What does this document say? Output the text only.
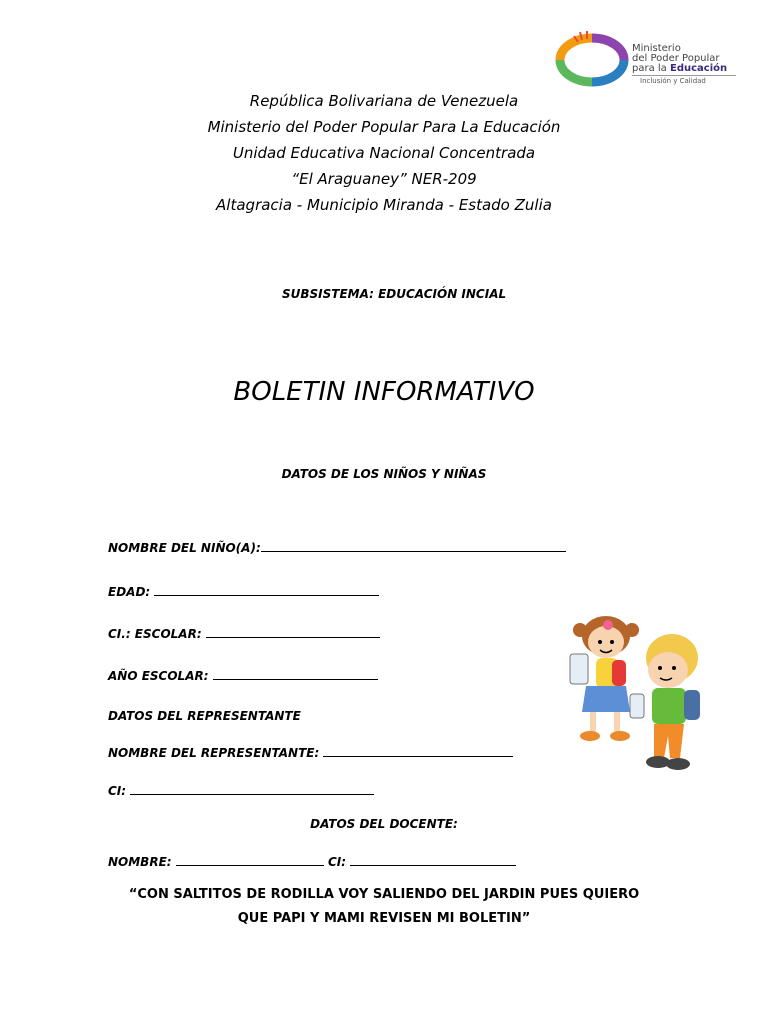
Ministerio
del Poder Popular
para la Educación
Inclusión y Calidad
República Bolivariana de Venezuela
Ministerio del Poder Popular Para La Educación
Unidad Educativa Nacional Concentrada
“El Araguaney” NER-209
Altagracia - Municipio Miranda - Estado Zulia
SUBSISTEMA: EDUCACIÓN INCIAL
BOLETIN INFORMATIVO
DATOS DE LOS NIÑOS Y NIÑAS
NOMBRE DEL NIÑO(A):
EDAD:
CI.: ESCOLAR:
AÑO ESCOLAR:
DATOS DEL REPRESENTANTE
NOMBRE DEL REPRESENTANTE:
CI:
DATOS DEL DOCENTE:
NOMBRE:	CI:
“CON SALTITOS DE RODILLA VOY SALIENDO DEL JARDIN PUES QUIERO
QUE PAPI Y MAMI REVISEN MI BOLETIN”
